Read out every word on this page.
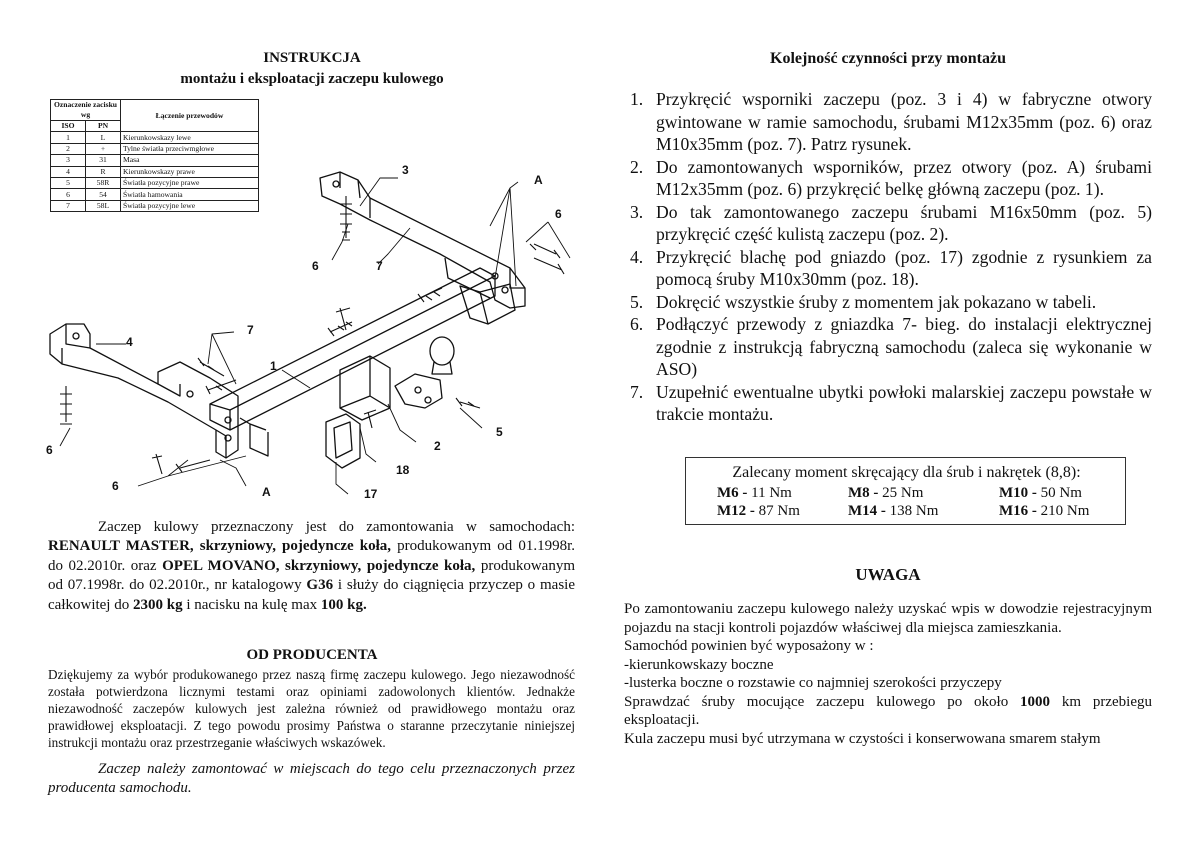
INSTRUKCJA
montażu i eksploatacji zaczepu kulowego
Oznaczenie zacisku wg		Łączenie przewodów
ISO	PN	
1	L	Kierunkowskazy lewe
2	+	Tylne światła przeciwmgłowe
3	31	Masa
4	R	Kierunkowskazy prawe
5	58R	Światła pozycyjne prawe
6	54	Światła hamowania
7	58L	Światła pozycyjne lewe
3
A
6
6	7
4
7
1
5
2
6
18
6	A	17
Zaczep kulowy przeznaczony jest do zamontowania w samochodach: RENAULT MASTER, skrzyniowy, pojedyncze koła, produkowanym od 01.1998r. do 02.2010r. oraz OPEL MOVANO, skrzyniowy, pojedyncze koła, produkowanym od 07.1998r. do 02.2010r., nr katalogowy G36 i służy do ciągnięcia przyczep o masie całkowitej do 2300 kg i nacisku na kulę max 100 kg.
OD PRODUCENTA
Dziękujemy za wybór produkowanego przez naszą firmę zaczepu kulowego. Jego niezawodność została potwierdzona licznymi testami oraz opiniami zadowolonych klientów. Jednakże niezawodność zaczepów kulowych jest zależna również od prawidłowego montażu oraz prawidłowej eksploatacji. Z tego powodu prosimy Państwa o staranne przeczytanie niniejszej instrukcji montażu oraz przestrzeganie właściwych wskazówek.
Zaczep należy zamontować w miejscach do tego celu przeznaczonych przez producenta samochodu.
Kolejność czynności przy montażu
1. Przykręcić wsporniki zaczepu (poz. 3 i 4) w fabryczne otwory gwintowane w ramie samochodu, śrubami M12x35mm (poz. 6) oraz M10x35mm (poz. 7). Patrz rysunek.
2. Do zamontowanych wsporników, przez otwory (poz. A) śrubami M12x35mm (poz. 6) przykręcić belkę główną zaczepu (poz. 1).
3. Do tak zamontowanego zaczepu śrubami M16x50mm (poz. 5) przykręcić część kulistą zaczepu (poz. 2).
4. Przykręcić blachę pod gniazdo (poz. 17) zgodnie z rysunkiem za pomocą śruby M10x30mm (poz. 18).
5. Dokręcić wszystkie śruby z momentem jak pokazano w tabeli.
6. Podłączyć przewody z gniazdka 7- bieg. do instalacji elektrycznej zgodnie z instrukcją fabryczną samochodu (zaleca się wykonanie w ASO)
7. Uzupełnić ewentualne ubytki powłoki malarskiej zaczepu powstałe w trakcie montażu.
Zalecany moment skręcający dla śrub i nakrętek (8,8):
M6 - 11 Nm	M8 - 25 Nm	M10 - 50 Nm
M12 - 87 Nm	M14 - 138 Nm	M16 - 210 Nm
UWAGA

Po zamontowaniu zaczepu kulowego należy uzyskać wpis w dowodzie rejestracyjnym pojazdu na stacji kontroli pojazdów właściwej dla miejsca zamieszkania.

Samochód powinien być wyposażony w :

-kierunkowskazy boczne

-lusterka boczne o rozstawie co najmniej szerokości przyczepy

Sprawdzać śruby mocujące zaczepu kulowego po około 1000 km przebiegu eksploatacji.

Kula zaczepu musi być utrzymana w czystości i konserwowana smarem stałym
